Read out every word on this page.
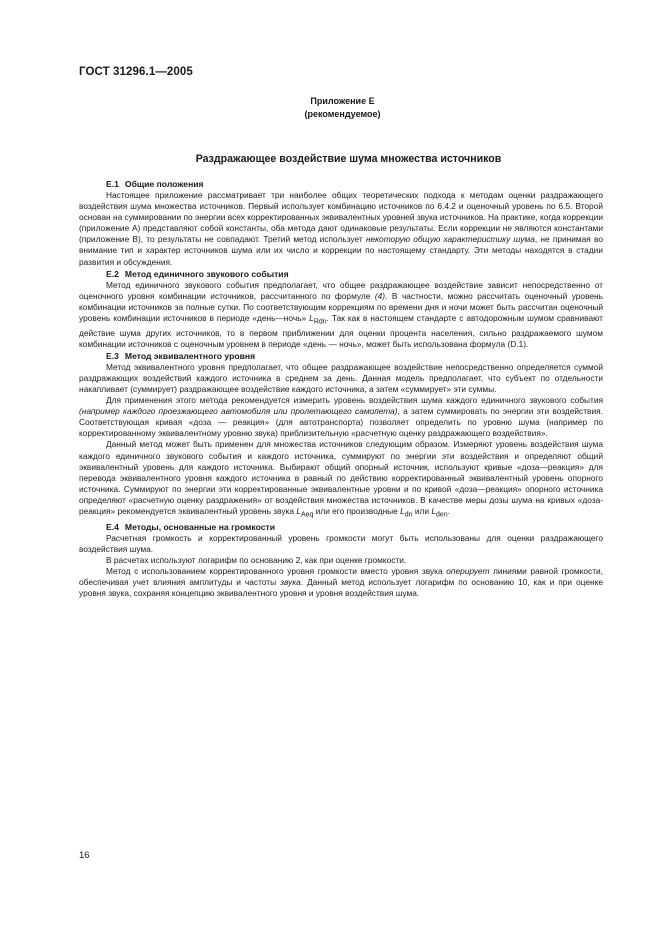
ГОСТ 31296.1—2005
Приложение Е
(рекомендуемое)
Раздражающее воздействие шума множества источников
Е.1 Общие положения

Настоящее приложение рассматривает три наиболее общих теоретических подхода к методам оценки раздражающего воздействия шума множества источников. Первый использует комбинацию источников по 6.4.2 и оценочный уровень по 6.5. Второй основан на суммировании по энергии всех корректированных эквивалентных уровней звука источников. На практике, когда коррекции (приложение А) представляют собой константы, оба метода дают одинаковые результаты. Если коррекции не являются константами (приложение В), то результаты не совпадают. Третий метод использует некоторую общую характеристику шума, не принимая во внимание тип и характер источников шума или их число и коррекции по настоящему стандарту. Эти методы находятся в стадии развития и обсуждения.

Е.2 Метод единичного звукового события

Метод единичного звукового события предполагает, что общее раздражающее воздействие зависит непосредственно от оценочного уровня комбинации источников, рассчитанного по формуле (4). В частности, можно рассчитать оценочный уровень комбинации источников за полные сутки. По соответствующим коррекциям по времени дня и ночи может быть рассчитан оценочный уровень комбинации источников в периоде «день—ночь» $L_{Rdn}$. Так как в настоящем стандарте с автодорожным шумом сравнивают действие шума других источников, то в первом приближении для оценки процента населения, сильно раздражаемого шумом комбинации источников с оценочным уровнем в периоде «день — ночь», может быть использована формула (D.1).

Е.3 Метод эквивалентного уровня

Метод эквивалентного уровня предполагает, что общее раздражающее воздействие непосредственно определяется суммой раздражающих воздействий каждого источника в среднем за день. Данная модель предполагает, что субъект по отдельности накапливает (суммирует) раздражающее воздействие каждого источника, а затем «суммирует» эти суммы.

Для применения этого метода рекомендуется измерить уровень воздействия шума каждого единичного звукового события (например каждого проезжающего автомобиля или пролетающего самолета), а затем суммировать по энергии эти воздействия. Соответствующая кривая «доза — реакция» (для автотранспорта) позволяет определить по уровню шума (например по корректированному эквивалентному уровню звука) приблизительную «расчетную оценку раздражающего воздействия».

Данный метод может быть применен для множества источников следующим образом. Измеряют уровень воздействия шума каждого единичного звукового события и каждого источника, суммируют по энергии эти воздействия и определяют общий эквивалентный уровень для каждого источника. Выбирают общий опорный источник, используют кривые «доза—реакция» для перевода эквивалентного уровня каждого источника в равный по действию корректированный эквивалентный уровень опорного источника. Суммируют по энергии эти корректированные эквивалентные уровни и по кривой «доза—реакция» опорного источника определяют «расчетную оценку раздражения» от воздействия множества источников. В качестве меры дозы шума на кривых «доза-реакция» рекомендуется эквивалентный уровень звука $L_{Aeq}$ или его производные $L_{dn}$ или $L_{den}$.

Е.4 Методы, основанные на громкости

Расчетная громкость и корректированный уровень громкости могут быть использованы для оценки раздражающего воздействия шума.

В расчетах используют логарифм по основанию 2, как при оценке громкости.

Метод с использованием корректированного уровня громкости вместо уровня звука оперирует линиями равной громкости, обеспечивая учет влияния амплитуды и частоты звука. Данный метод использует логарифм по основанию 10, как и при оценке уровня звука, сохраняя концепцию эквивалентного уровня и уровня воздействия шума.

16
